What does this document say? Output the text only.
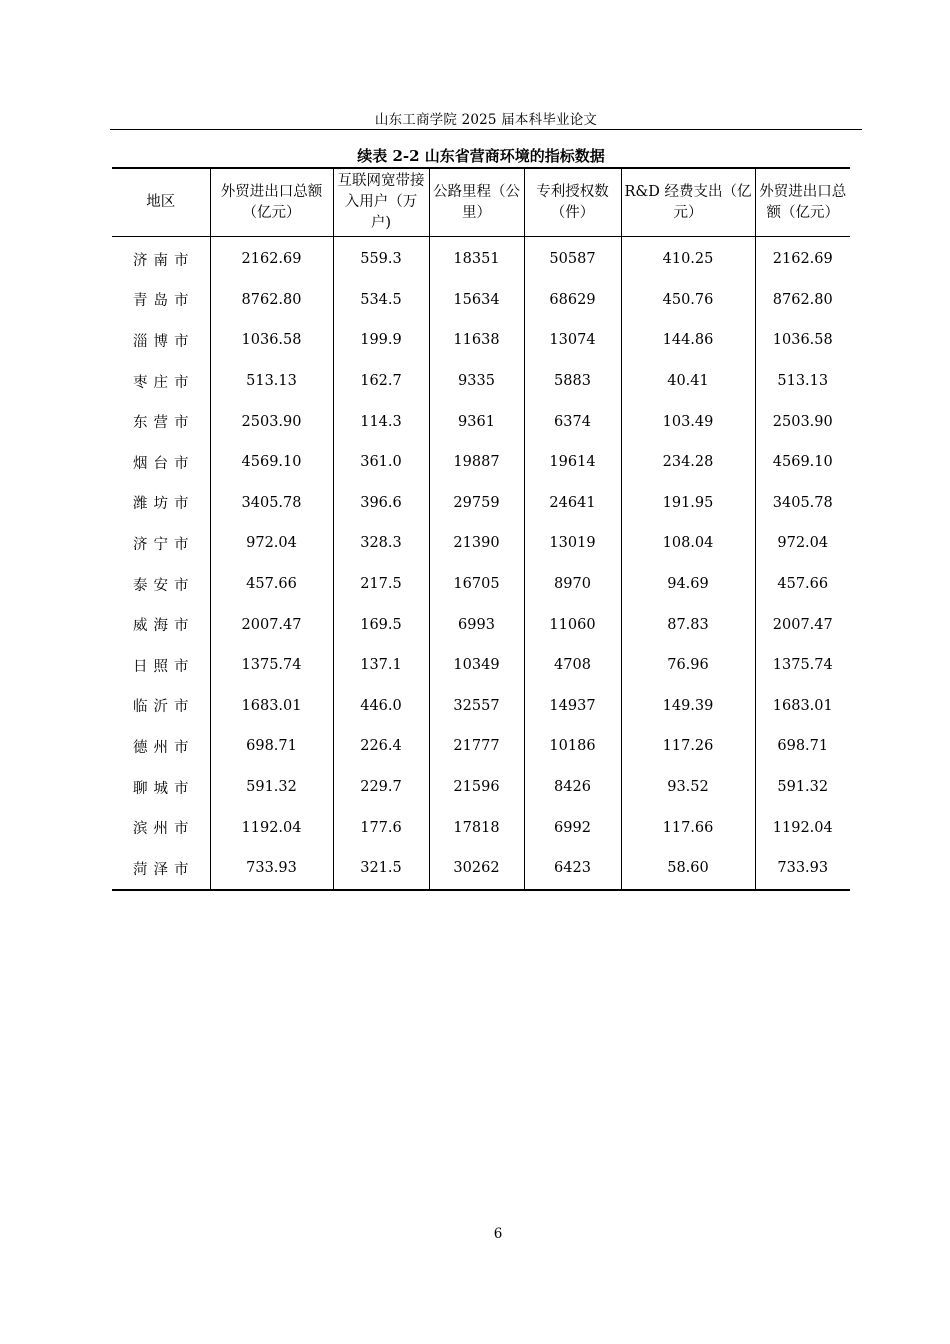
山东工商学院 2025 届本科毕业论文
续表 2-2 山东省营商环境的指标数据
地区	外贸进出口总额（亿元）	互联网宽带接入用户（万户)	公路里程（公里）	专利授权数（件）	R&D 经费支出（亿元）	外贸进出口总额（亿元）
济南市	2162.69	559.3	18351	50587	410.25	2162.69
青岛市	8762.80	534.5	15634	68629	450.76	8762.80
淄博市	1036.58	199.9	11638	13074	144.86	1036.58
枣庄市	513.13	162.7	9335	5883	40.41	513.13
东营市	2503.90	114.3	9361	6374	103.49	2503.90
烟台市	4569.10	361.0	19887	19614	234.28	4569.10
潍坊市	3405.78	396.6	29759	24641	191.95	3405.78
济宁市	972.04	328.3	21390	13019	108.04	972.04
泰安市	457.66	217.5	16705	8970	94.69	457.66
威海市	2007.47	169.5	6993	11060	87.83	2007.47
日照市	1375.74	137.1	10349	4708	76.96	1375.74
临沂市	1683.01	446.0	32557	14937	149.39	1683.01
德州市	698.71	226.4	21777	10186	117.26	698.71
聊城市	591.32	229.7	21596	8426	93.52	591.32
滨州市	1192.04	177.6	17818	6992	117.66	1192.04
菏泽市	733.93	321.5	30262	6423	58.60	733.93
6
